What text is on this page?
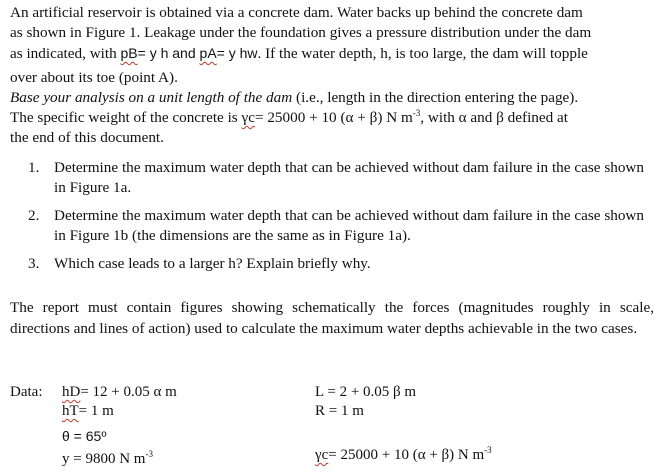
An artificial reservoir is obtained via a concrete dam. Water backs up behind the concrete dam

as shown in Figure 1. Leakage under the foundation gives a pressure distribution under the dam

as indicated, with pB= y h and pA= y hw. If the water depth, h, is too large, the dam will topple

over about its toe (point A).

Base your analysis on a unit length of the dam (i.e., length in the direction entering the page).

The specific weight of the concrete is γc= 25000 + 10 (α + β) N $m^{-3}$, with α and β defined at

the end of this document.

1. Determine the maximum water depth that can be achieved without dam failure in the case shown in Figure 1a.
2. Determine the maximum water depth that can be achieved without dam failure in the case shown in Figure 1b (the dimensions are the same as in Figure 1a).
3. Which case leads to a larger h? Explain briefly why.

The report must contain figures showing schematically the forces (magnitudes roughly in scale, directions and lines of action) used to calculate the maximum water depths achievable in the two cases.

Data: hD= 12 + 0.05 α m
hT= 1 m
θ = 65º
y = 9800 N $m^{-3}$
L = 2 + 0.05 β m
R = 1 m
γc= 25000 + 10 (α + β) N $m^{-3}$
